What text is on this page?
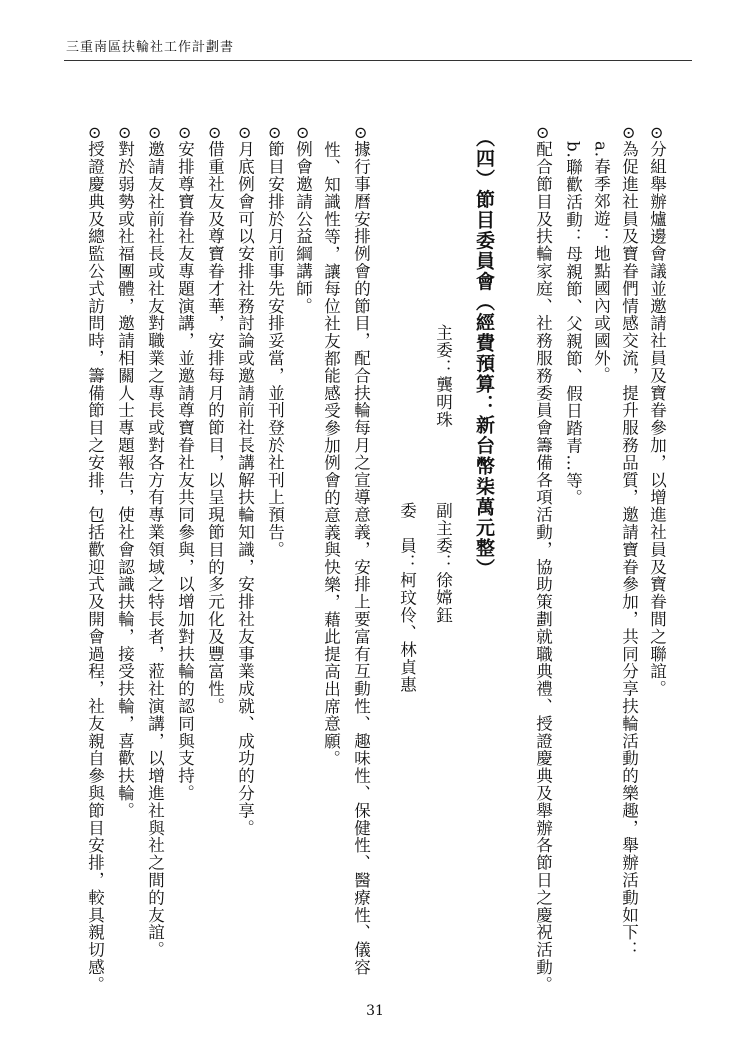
三重南區扶輪社工作計劃書
⊙分組舉辦爐邊會議並邀請社員及寶眷參加，以增進社員及寶眷間之聯誼。
⊙為促進社員及寶眷們情感交流，提升服務品質，邀請寶眷參加，共同分享扶輪活動的樂趣，舉辦活動如下：
a.春季郊遊：地點國內或國外。
b.聯歡活動：母親節、父親節、假日踏青…等。
⊙配合節目及扶輪家庭、社務服務委員會籌備各項活動，協助策劃就職典禮、授證慶典及舉辦各節日之慶祝活動。
（四）節目委員會（經費預算：新台幣柒萬元整）
主委：龔明珠
副主委：徐嫦鈺
委　員：柯玟伶、林貞惠
⊙據行事曆安排例會的節目，配合扶輪每月之宣導意義，安排上要富有互動性、趣味性、保健性、醫療性、儀容
性、知識性等，讓每位社友都能感受參加例會的意義與快樂，藉此提高出席意願。
⊙例會邀請公益綱講師。
⊙節目安排於月前事先安排妥當，並刊登於社刊上預告。
⊙月底例會可以安排社務討論或邀請前社長講解扶輪知識，安排社友事業成就、成功的分享。
⊙借重社友及尊寶眷才華，安排每月的節目，以呈現節目的多元化及豐富性。
⊙安排尊寶眷社友專題演講，並邀請尊寶眷社友共同參與，以增加對扶輪的認同與支持。
⊙邀請友社前社長或社友對職業之專長或對各方有專業領域之特長者，蒞社演講，以增進社與社之間的友誼。
⊙對於弱勢或社福團體，邀請相關人士專題報告，使社會認識扶輪，接受扶輪，喜歡扶輪。
⊙授證慶典及總監公式訪問時，籌備節目之安排，包括歡迎式及開會過程，社友親自參與節目安排，較具親切感。
31
